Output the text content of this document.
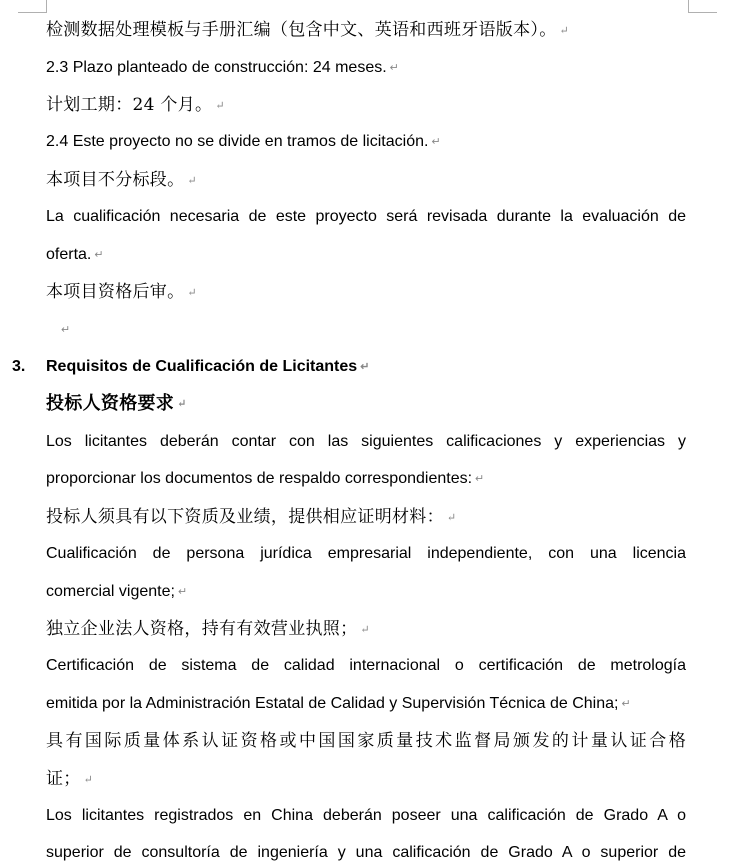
检测数据处理模板与手册汇编（包含中文、英语和西班牙语版本）。 ↵
2.3 Plazo planteado de construcción: 24 meses. ↵
计划工期：24 个月。 ↵
2.4 Este proyecto no se divide en tramos de licitación. ↵
本项目不分标段。 ↵
La cualificación necesaria de este proyecto será revisada durante la evaluación de
oferta. ↵
本项目资格后审。 ↵
↵
3. Requisitos de Cualificación de Licitantes ↵
投标人资格要求 ↵
Los licitantes deberán contar con las siguientes calificaciones y experiencias y
proporcionar los documentos de respaldo correspondientes: ↵
投标人须具有以下资质及业绩，提供相应证明材料： ↵
Cualificación de persona jurídica empresarial independiente, con una licencia
comercial vigente; ↵
独立企业法人资格，持有有效营业执照； ↵
Certificación de sistema de calidad internacional o certificación de metrología
emitida por la Administración Estatal de Calidad y Supervisión Técnica de China; ↵
具有国际质量体系认证资格或中国国家质量技术监督局颁发的计量认证合格
证； ↵
Los licitantes registrados en China deberán poseer una calificación de Grado A o
superior de consultoría de ingeniería y una calificación de Grado A o superior de
